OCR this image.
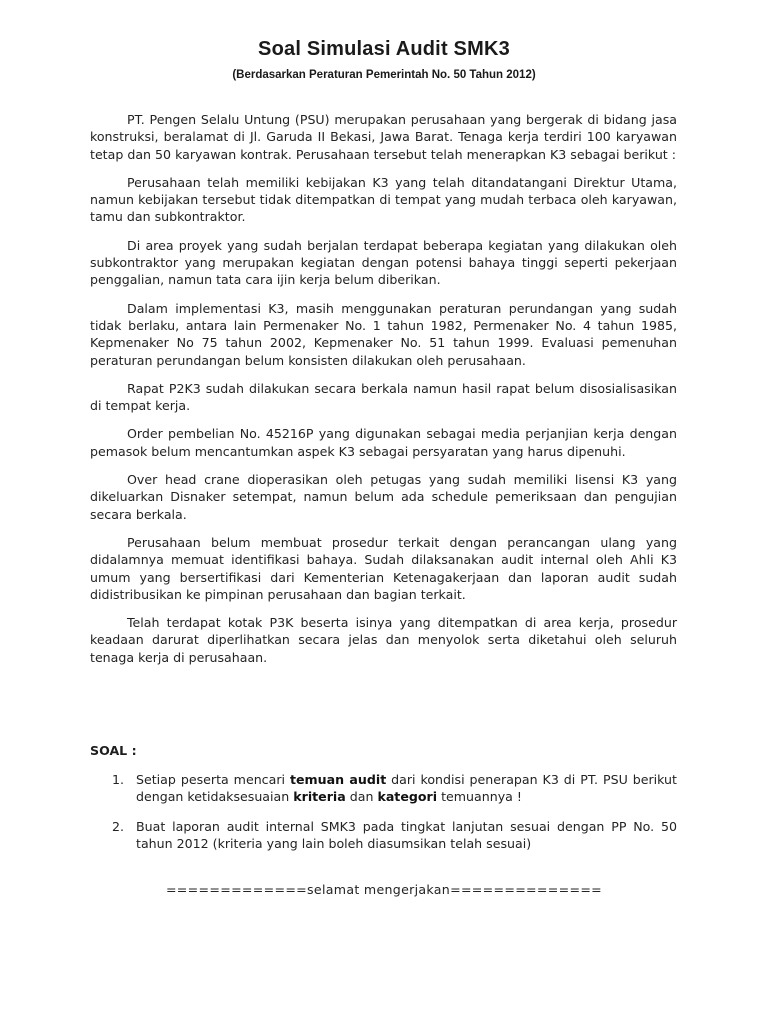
Soal Simulasi Audit SMK3
(Berdasarkan Peraturan Pemerintah No. 50 Tahun 2012)

PT. Pengen Selalu Untung (PSU) merupakan perusahaan yang bergerak di bidang jasa konstruksi, beralamat di Jl. Garuda II Bekasi, Jawa Barat. Tenaga kerja terdiri 100 karyawan tetap dan 50 karyawan kontrak. Perusahaan tersebut telah menerapkan K3 sebagai berikut :

Perusahaan telah memiliki kebijakan K3 yang telah ditandatangani Direktur Utama, namun kebijakan tersebut tidak ditempatkan di tempat yang mudah terbaca oleh karyawan, tamu dan subkontraktor.

Di area proyek yang sudah berjalan terdapat beberapa kegiatan yang dilakukan oleh subkontraktor yang merupakan kegiatan dengan potensi bahaya tinggi seperti pekerjaan penggalian, namun tata cara ijin kerja belum diberikan.

Dalam implementasi K3, masih menggunakan peraturan perundangan yang sudah tidak berlaku, antara lain Permenaker No. 1 tahun 1982, Permenaker No. 4 tahun 1985, Kepmenaker No 75 tahun 2002, Kepmenaker No. 51 tahun 1999. Evaluasi pemenuhan peraturan perundangan belum konsisten dilakukan oleh perusahaan.

Rapat P2K3 sudah dilakukan secara berkala namun hasil rapat belum disosialisasikan di tempat kerja.

Order pembelian No. 45216P yang digunakan sebagai media perjanjian kerja dengan pemasok belum mencantumkan aspek K3 sebagai persyaratan yang harus dipenuhi.

Over head crane dioperasikan oleh petugas yang sudah memiliki lisensi K3 yang dikeluarkan Disnaker setempat, namun belum ada schedule pemeriksaan dan pengujian secara berkala.

Perusahaan belum membuat prosedur terkait dengan perancangan ulang yang didalamnya memuat identifikasi bahaya. Sudah dilaksanakan audit internal oleh Ahli K3 umum yang bersertifikasi dari Kementerian Ketenagakerjaan dan laporan audit sudah didistribusikan ke pimpinan perusahaan dan bagian terkait.

Telah terdapat kotak P3K beserta isinya yang ditempatkan di area kerja, prosedur keadaan darurat diperlihatkan secara jelas dan menyolok serta diketahui oleh seluruh tenaga kerja di perusahaan.

SOAL :
1. Setiap peserta mencari temuan audit dari kondisi penerapan K3 di PT. PSU berikut dengan ketidaksesuaian kriteria dan kategori temuannya !
2. Buat laporan audit internal SMK3 pada tingkat lanjutan sesuai dengan PP No. 50 tahun 2012 (kriteria yang lain boleh diasumsikan telah sesuai)
=============selamat mengerjakan==============
